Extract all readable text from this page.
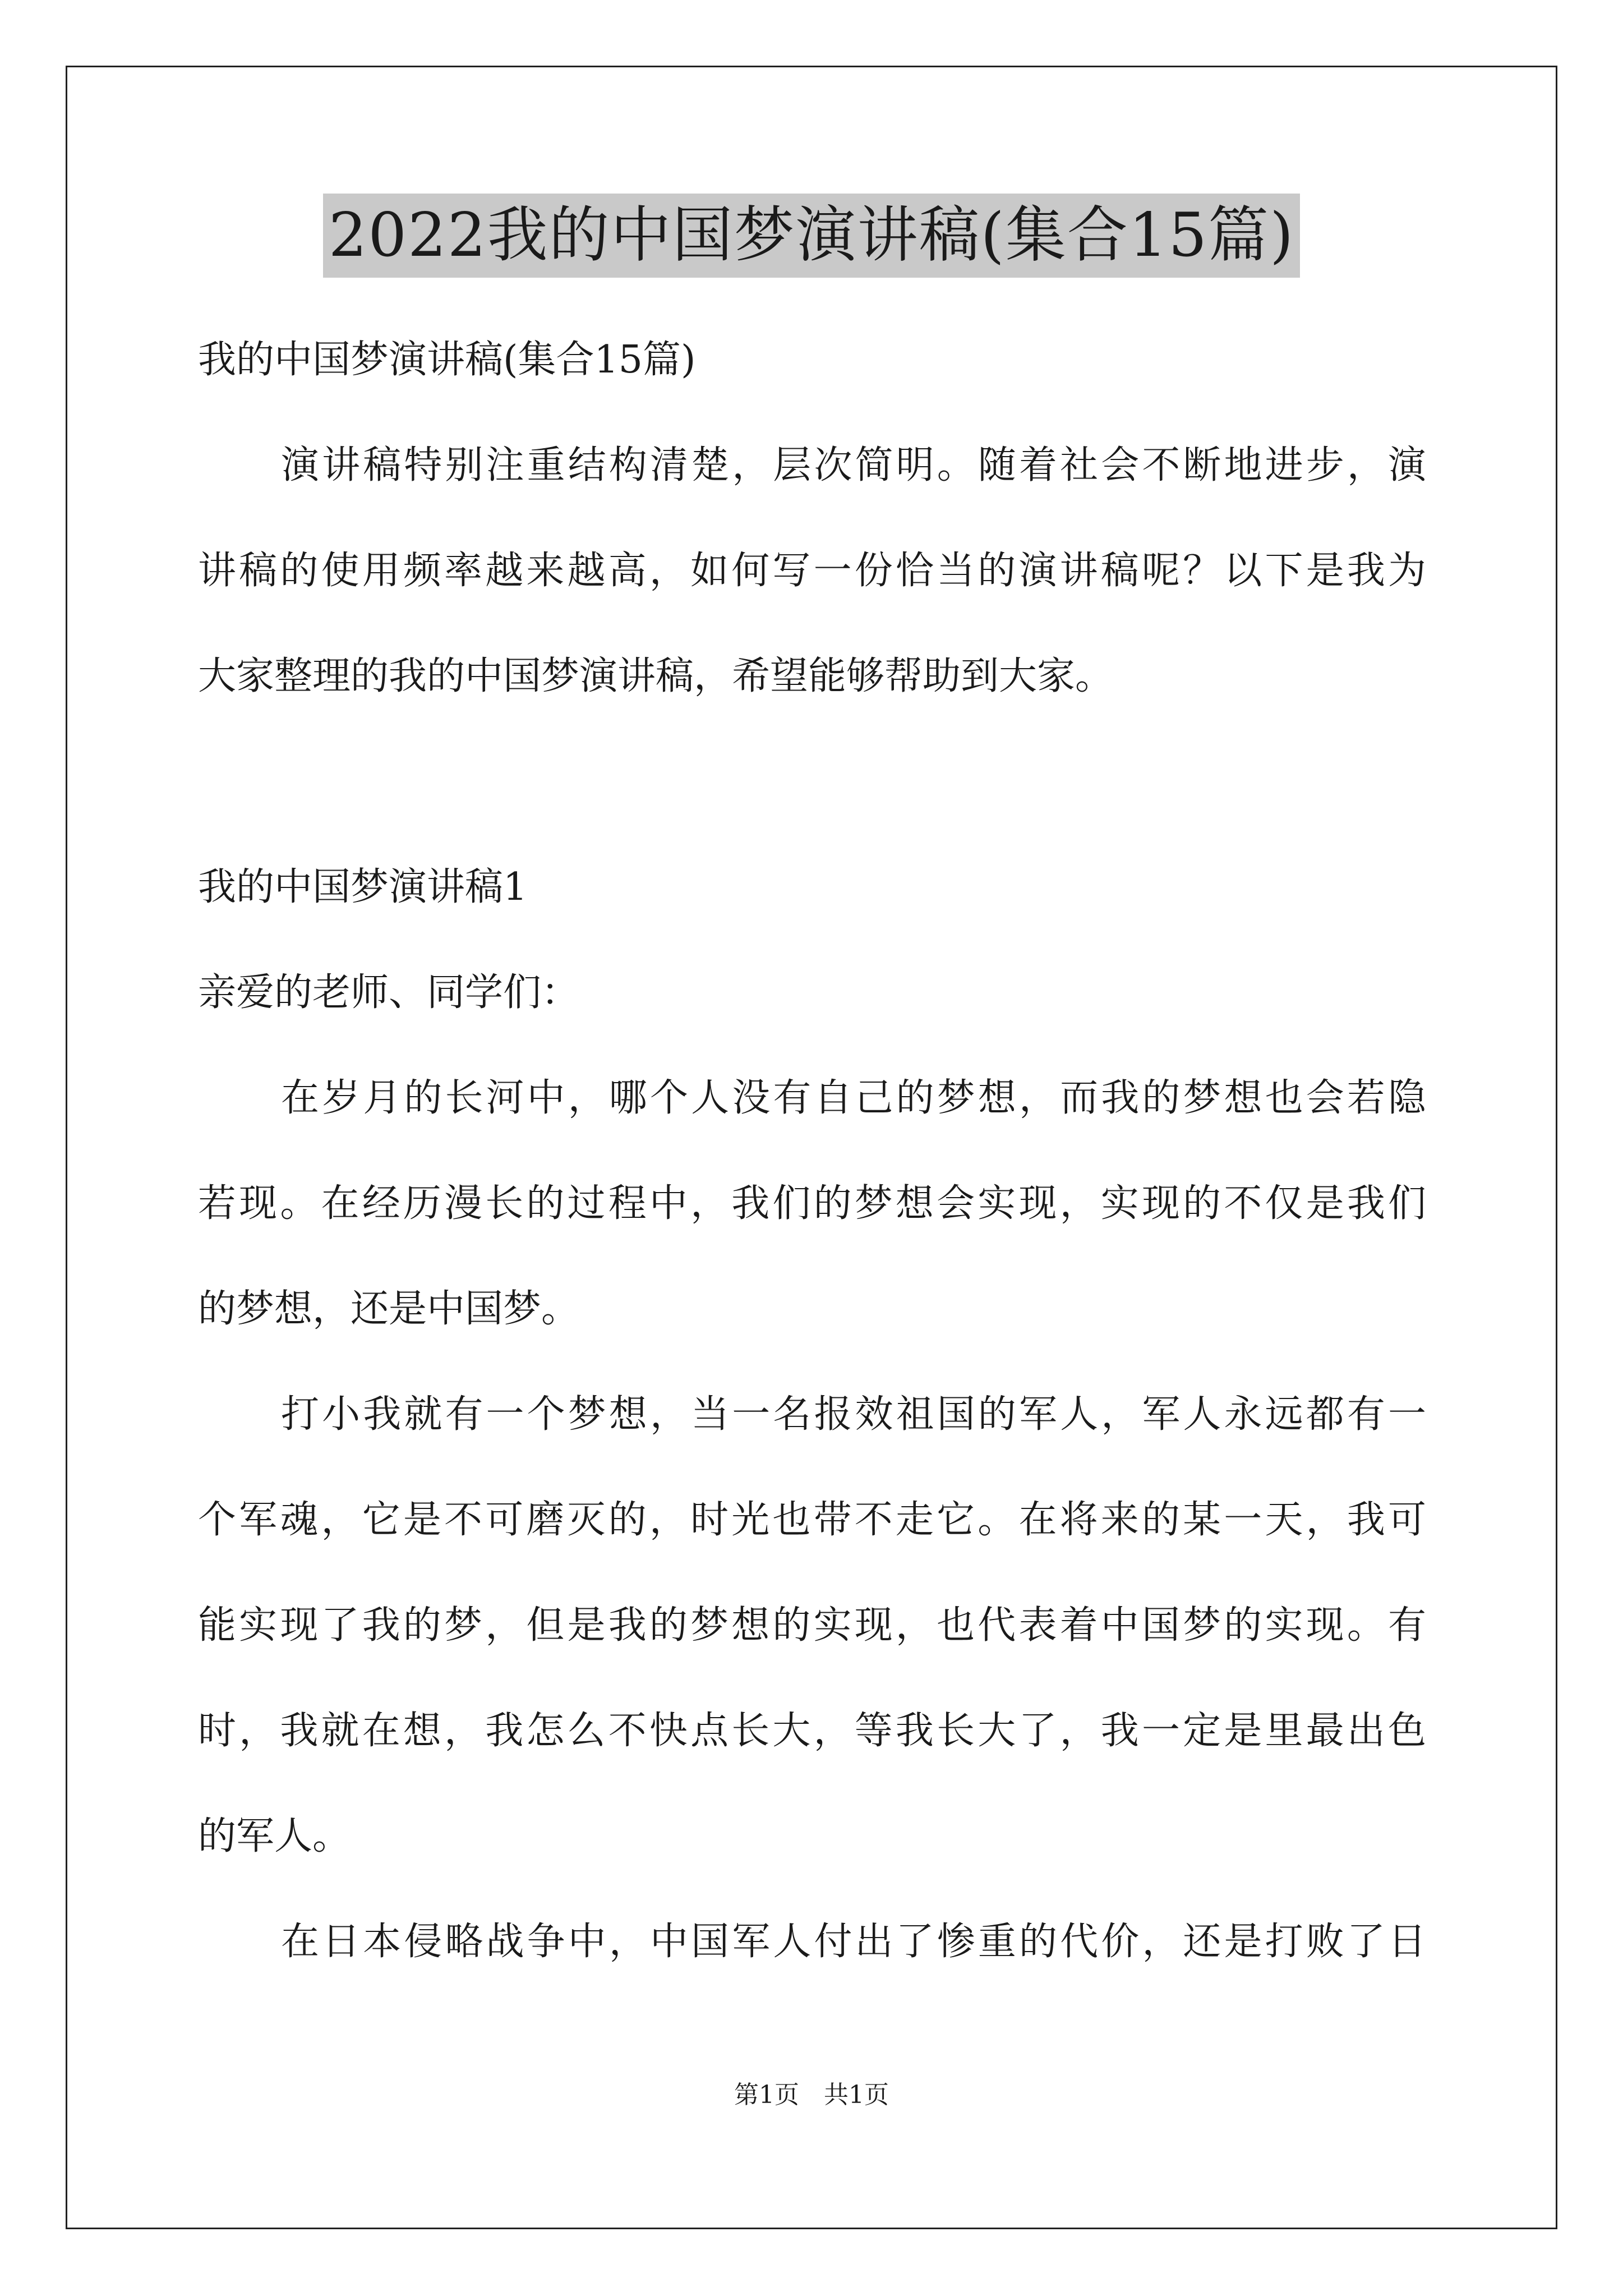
2022我的中国梦演讲稿(集合15篇)
我的中国梦演讲稿(集合15篇)
演讲稿特别注重结构清楚，层次简明。随着社会不断地进步，演
讲稿的使用频率越来越高，如何写一份恰当的演讲稿呢？以下是我为
大家整理的我的中国梦演讲稿，希望能够帮助到大家。
我的中国梦演讲稿1
亲爱的老师、同学们：
在岁月的长河中，哪个人没有自己的梦想，而我的梦想也会若隐
若现。在经历漫长的过程中，我们的梦想会实现，实现的不仅是我们
的梦想，还是中国梦。
打小我就有一个梦想，当一名报效祖国的军人，军人永远都有一
个军魂，它是不可磨灭的，时光也带不走它。在将来的某一天，我可
能实现了我的梦，但是我的梦想的实现，也代表着中国梦的实现。有
时，我就在想，我怎么不快点长大，等我长大了，我一定是里最出色
的军人。
在日本侵略战争中，中国军人付出了惨重的代价，还是打败了日
第1页　共1页
